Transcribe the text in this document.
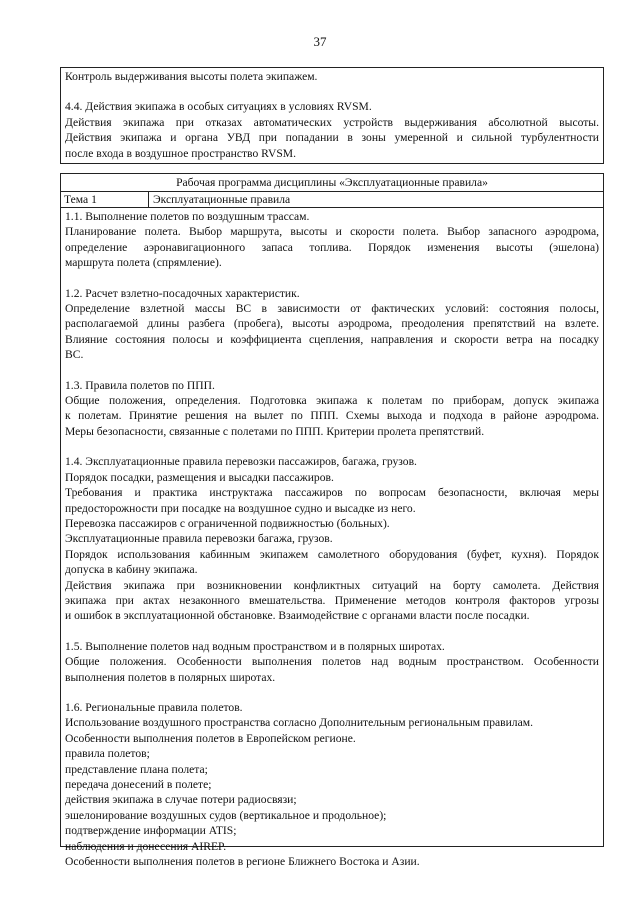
37
Контроль выдерживания высоты полета экипажем.
4.4. Действия экипажа в особых ситуациях в условиях RVSM.
Действия экипажа при отказах автоматических устройств выдерживания абсолютной высоты.
Действия экипажа и органа УВД при попадании в зоны умеренной и сильной турбулентности
после входа в воздушное пространство RVSM.
Рабочая программа дисциплины «Эксплуатационные правила»
Тема 1	Эксплуатационные правила
1.1. Выполнение полетов по воздушным трассам.
Планирование полета. Выбор маршрута, высоты и скорости полета. Выбор запасного аэродрома,
определение аэронавигационного запаса топлива. Порядок изменения высоты (эшелона)
маршрута полета (спрямление).
1.2. Расчет взлетно-посадочных характеристик.
Определение взлетной массы ВС в зависимости от фактических условий: состояния полосы,
располагаемой длины разбега (пробега), высоты аэродрома, преодоления препятствий на взлете.
Влияние состояния полосы и коэффициента сцепления, направления и скорости ветра на посадку
ВС.
1.3. Правила полетов по ППП.
Общие положения, определения. Подготовка экипажа к полетам по приборам, допуск экипажа
к полетам. Принятие решения на вылет по ППП. Схемы выхода и подхода в районе аэродрома.
Меры безопасности, связанные с полетами по ППП. Критерии пролета препятствий.
1.4. Эксплуатационные правила перевозки пассажиров, багажа, грузов.
Порядок посадки, размещения и высадки пассажиров.
Требования и практика инструктажа пассажиров по вопросам безопасности, включая меры
предосторожности при посадке на воздушное судно и высадке из него.
Перевозка пассажиров с ограниченной подвижностью (больных).
Эксплуатационные правила перевозки багажа, грузов.
Порядок использования кабинным экипажем самолетного оборудования (буфет, кухня). Порядок
допуска в кабину экипажа.
Действия экипажа при возникновении конфликтных ситуаций на борту самолета. Действия
экипажа при актах незаконного вмешательства. Применение методов контроля факторов угрозы
и ошибок в эксплуатационной обстановке. Взаимодействие с органами власти после посадки.
1.5. Выполнение полетов над водным пространством и в полярных широтах.
Общие положения. Особенности выполнения полетов над водным пространством. Особенности
выполнения полетов в полярных широтах.
1.6. Региональные правила полетов.
Использование воздушного пространства согласно Дополнительным региональным правилам.
Особенности выполнения полетов в Европейском регионе.
правила полетов;
представление плана полета;
передача донесений в полете;
действия экипажа в случае потери радиосвязи;
эшелонирование воздушных судов (вертикальное и продольное);
подтверждение информации ATIS;
наблюдения и донесения AIREP.
Особенности выполнения полетов в регионе Ближнего Востока и Азии.
